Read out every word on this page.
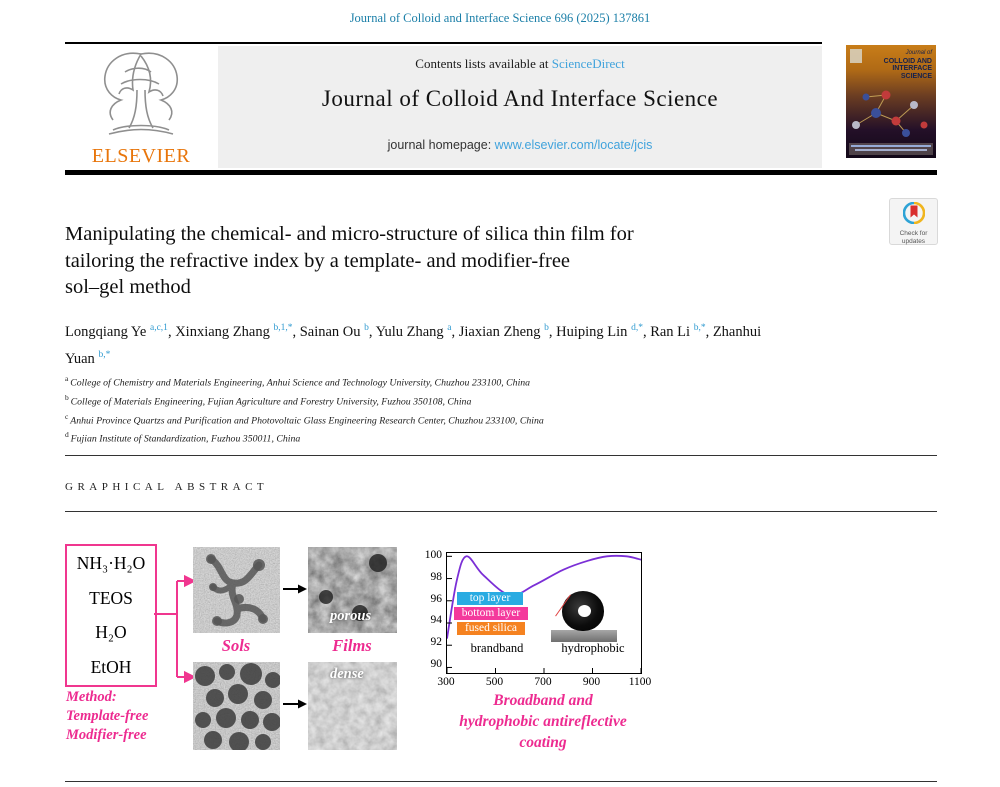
Journal of Colloid and Interface Science 696 (2025) 137861
ELSEVIER
Contents lists available at ScienceDirect
Journal of Colloid And Interface Science
journal homepage: www.elsevier.com/locate/jcis
Journal of
COLLOID AND
INTERFACE
SCIENCE
Check for
updates
Manipulating the chemical- and micro-structure of silica thin film for
tailoring the refractive index by a template- and modifier-free
sol–gel method
Longqiang Ye $^{a,c,1}$, Xinxiang Zhang $^{b,1,*}$, Sainan Ou $^b$, Yulu Zhang $^a$, Jiaxian Zheng $^b$, Huiping Lin $^{d,*}$, Ran Li $^{b,*}$, Zhanhui Yuan $^{b,*}$
$^a$ College of Chemistry and Materials Engineering, Anhui Science and Technology University, Chuzhou 233100, China
$^b$ College of Materials Engineering, Fujian Agriculture and Forestry University, Fuzhou 350108, China
$^c$ Anhui Province Quartzs and Purification and Photovoltaic Glass Engineering Research Center, Chuzhou 233100, China
$^d$ Fujian Institute of Standardization, Fuzhou 350011, China
GRAPHICAL ABSTRACT
NH₃·H₂O
TEOS
H₂O
EtOH
Method:
Template-free
Modifier-free
porous
dense
Sols	Films
100
98
96
94
92
90
top layer
bottom layer
fused silica
brandband	hydrophobic
300	500	700	900 1100
Broadband and
hydrophobic antireflective
coating
